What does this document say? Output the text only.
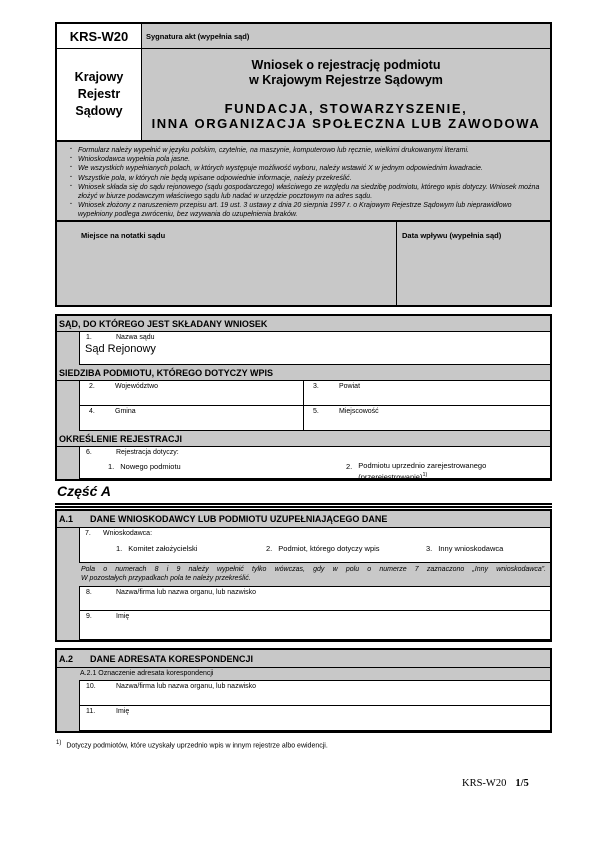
KRS-W20	Sygnatura akt (wypełnia sąd)
Krajowy
Rejestr
Sądowy
Wniosek o rejestrację podmiotu
w Krajowym Rejestrze Sądowym
FUNDACJA, STOWARZYSZENIE,
INNA ORGANIZACJA SPOŁECZNA LUB ZAWODOWA
· Formularz należy wypełnić w języku polskim, czytelnie, na maszynie, komputerowo lub ręcznie, wielkimi drukowanymi literami.
· Wnioskodawca wypełnia pola jasne.
· We wszystkich wypełnianych polach, w których występuje możliwość wyboru, należy wstawić X w jednym odpowiednim kwadracie.
· Wszystkie pola, w których nie będą wpisane odpowiednie informacje, należy przekreślić.
· Wniosek składa się do sądu rejonowego (sądu gospodarczego) właściwego ze względu na siedzibę podmiotu, którego wpis dotyczy. Wniosek można złożyć w biurze podawczym właściwego sądu lub nadać w urzędzie pocztowym na adres sądu.
· Wniosek złożony z naruszeniem przepisu art. 19 ust. 3 ustawy z dnia 20 sierpnia 1997 r. o Krajowym Rejestrze Sądowym lub nieprawidłowo wypełniony podlega zwróceniu, bez wzywania do uzupełnienia braków.
Miejsce na notatki sądu	Data wpływu (wypełnia sąd)
SĄD, DO KTÓREGO JEST SKŁADANY WNIOSEK
1.	Nazwa sądu
Sąd Rejonowy
SIEDZIBA PODMIOTU, KTÓREGO DOTYCZY WPIS
2.	Województwo	3.	Powiat
4.	Gmina	5.	Miejscowość
OKREŚLENIE REJESTRACJI
6.	Rejestracja dotyczy:
1. Nowego podmiotu	2. Podmiotu uprzednio zarejestrowanego
(przerejestrowanie)$^{1)}$
Część A
A.1	DANE WNIOSKODAWCY LUB PODMIOTU UZUPEŁNIAJĄCEGO DANE
7.	Wnioskodawca:
1. Komitet założycielski	2. Podmiot, którego dotyczy wpis	3. Inny wnioskodawca
Pola o numerach 8 i 9 należy wypełnić tylko wówczas, gdy w polu o numerze 7 zaznaczono „Inny wnioskodawca”.
W pozostałych przypadkach pola te należy przekreślić.
8.	Nazwa/firma lub nazwa organu, lub nazwisko
9.	Imię
A.2	DANE ADRESATA KORESPONDENCJI
A.2.1 Oznaczenie adresata korespondencji
10.	Nazwa/firma lub nazwa organu, lub nazwisko
11.	Imię
$^{1)}$ Dotyczy podmiotów, które uzyskały uprzednio wpis w innym rejestrze albo ewidencji.
KRS-W20 1/5
